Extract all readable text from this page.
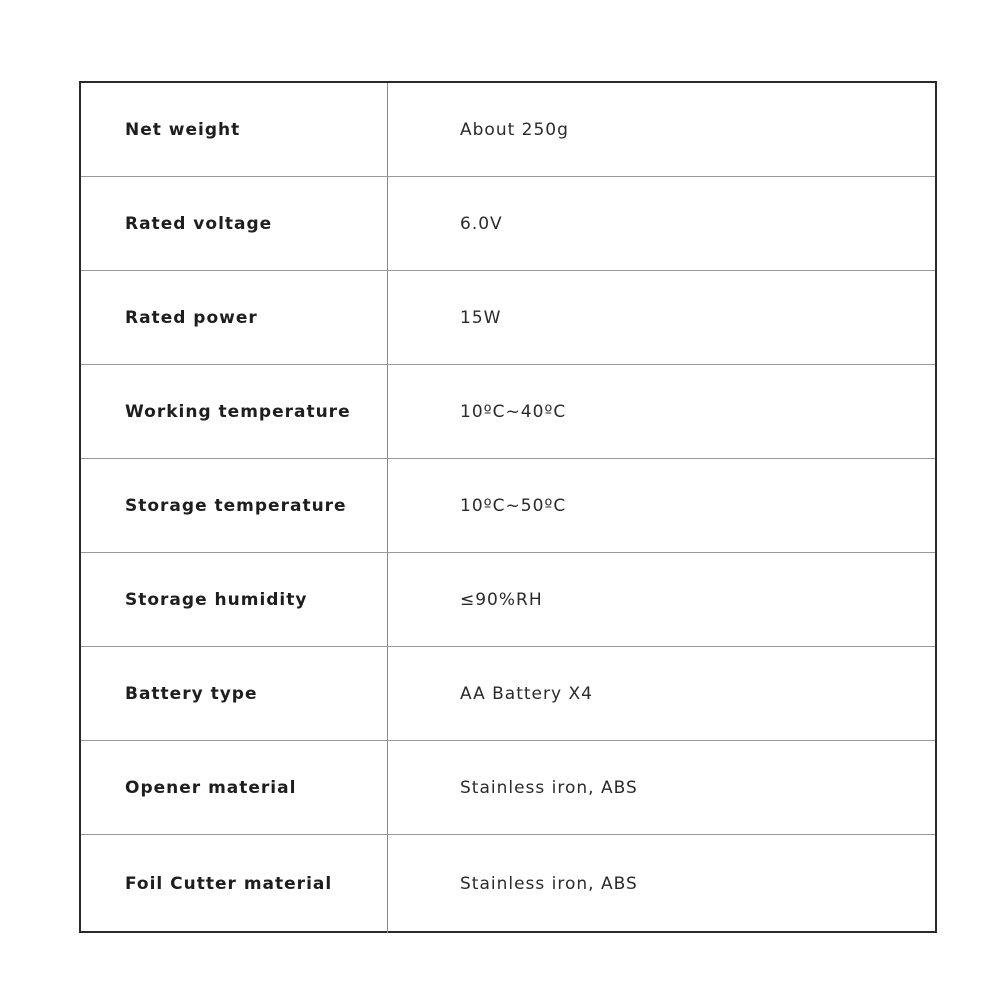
Net weight	About 250g
Rated voltage	6.0V
Rated power	15W
Working temperature	10ºC~40ºC
Storage temperature	10ºC~50ºC
Storage humidity	≤90%RH
Battery type	AA Battery X4
Opener material	Stainless iron, ABS
Foil Cutter material	Stainless iron, ABS
